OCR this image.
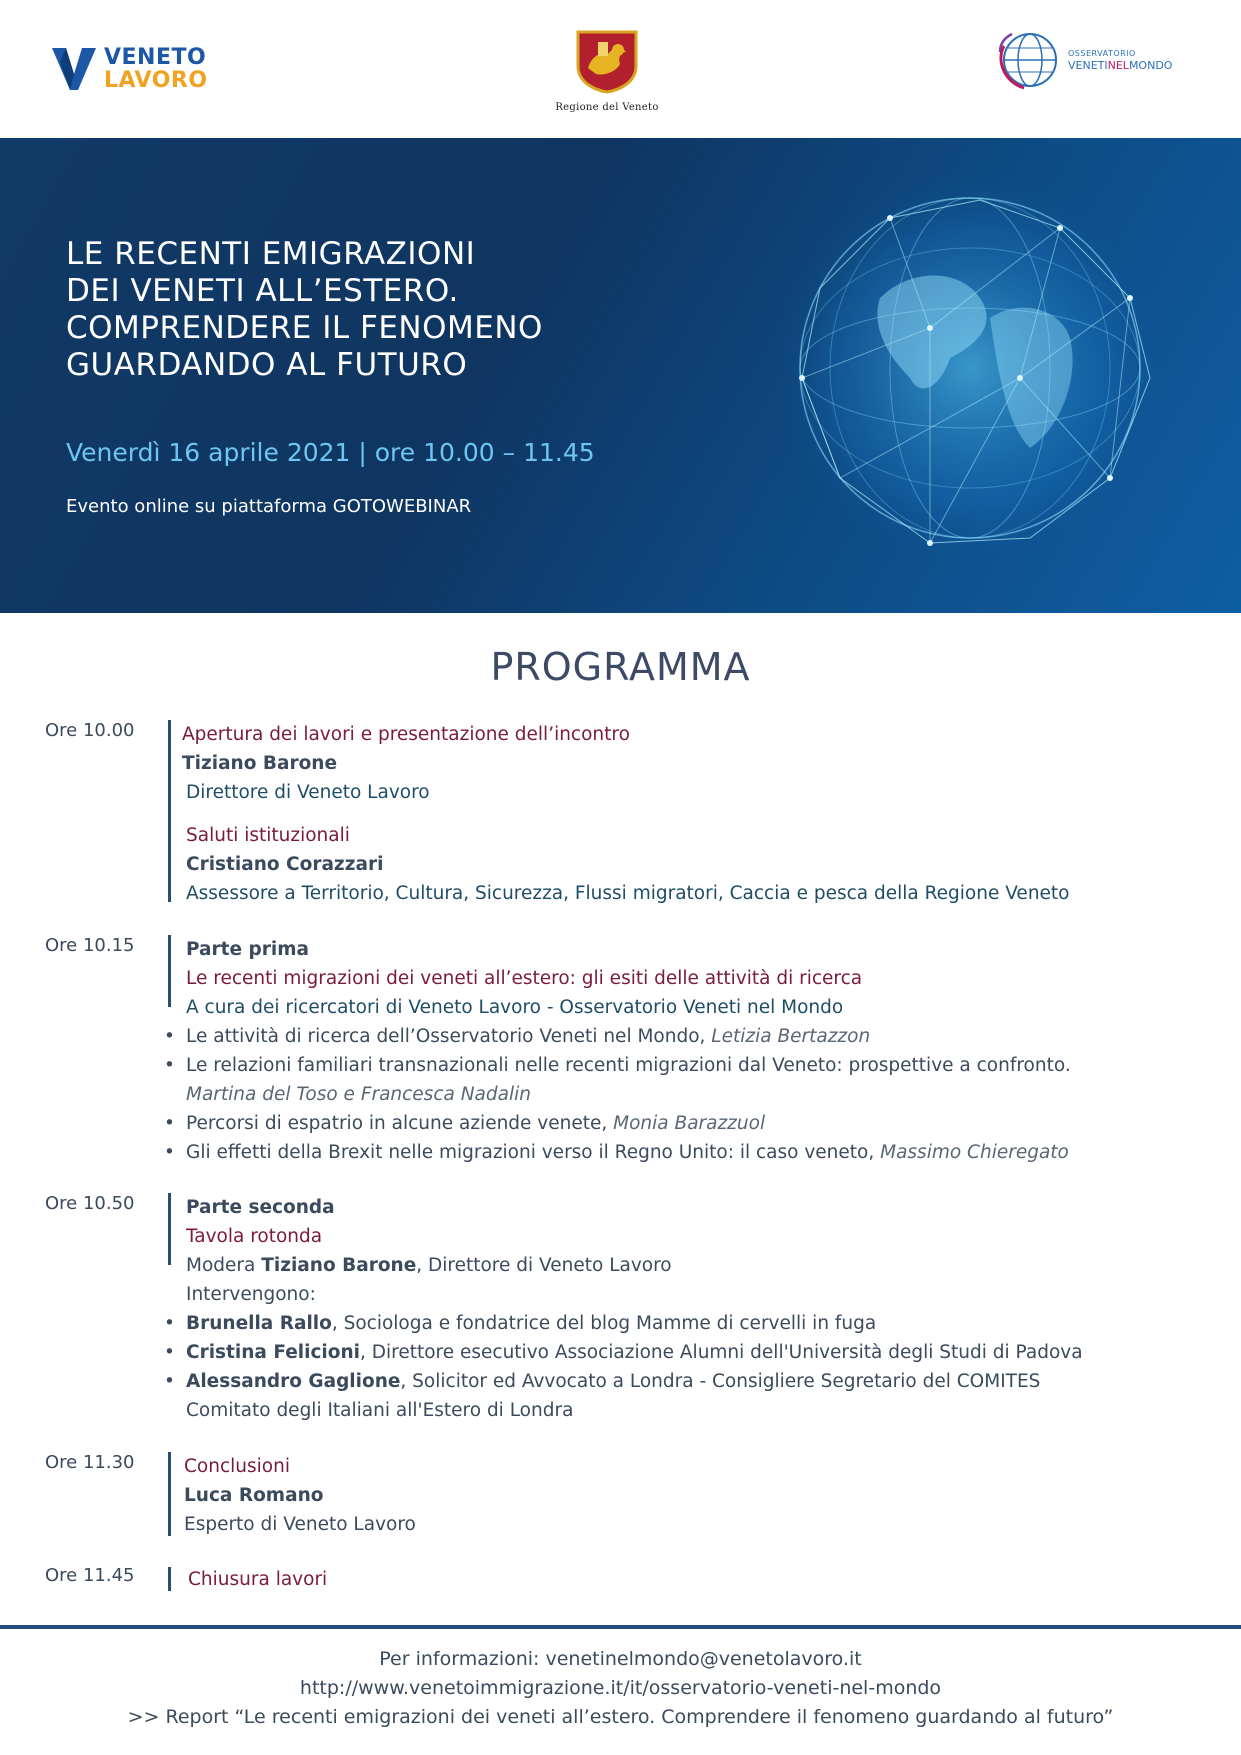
VENETO
LAVORO
Regione del Veneto
OSSERVATORIO
VENETINELMONDO
LE RECENTI EMIGRAZIONI
DEI VENETI ALL’ESTERO.
COMPRENDERE IL FENOMENO
GUARDANDO AL FUTURO

Venerdì 16 aprile 2021 | ore 10.00 – 11.45

Evento online su piattaforma GOTOWEBINAR

PROGRAMMA
Ore 10.00	Apertura dei lavori e presentazione dell’incontro
Tiziano Barone
Direttore di Veneto Lavoro
Saluti istituzionali
Cristiano Corazzari
Assessore a Territorio, Cultura, Sicurezza, Flussi migratori, Caccia e pesca della Regione Veneto
Ore 10.15	Parte prima
Le recenti migrazioni dei veneti all’estero: gli esiti delle attività di ricerca
A cura dei ricercatori di Veneto Lavoro - Osservatorio Veneti nel Mondo
• Le attività di ricerca dell’Osservatorio Veneti nel Mondo, Letizia Bertazzon
• Le relazioni familiari transnazionali nelle recenti migrazioni dal Veneto: prospettive a confronto.
Martina del Toso e Francesca Nadalin
• Percorsi di espatrio in alcune aziende venete, Monia Barazzuol
• Gli effetti della Brexit nelle migrazioni verso il Regno Unito: il caso veneto, Massimo Chieregato
Ore 10.50	Parte seconda
Tavola rotonda
Modera Tiziano Barone, Direttore di Veneto Lavoro
Intervengono:
• Brunella Rallo, Sociologa e fondatrice del blog Mamme di cervelli in fuga
• Cristina Felicioni, Direttore esecutivo Associazione Alumni dell'Università degli Studi di Padova
• Alessandro Gaglione, Solicitor ed Avvocato a Londra - Consigliere Segretario del COMITES
Comitato degli Italiani all'Estero di Londra
Ore 11.30	Conclusioni
Luca Romano
Esperto di Veneto Lavoro
Ore 11.45	Chiusura lavori
Per informazioni: venetinelmondo@venetolavoro.it
http://www.venetoimmigrazione.it/it/osservatorio-veneti-nel-mondo
>> Report “Le recenti emigrazioni dei veneti all’estero. Comprendere il fenomeno guardando al futuro”
